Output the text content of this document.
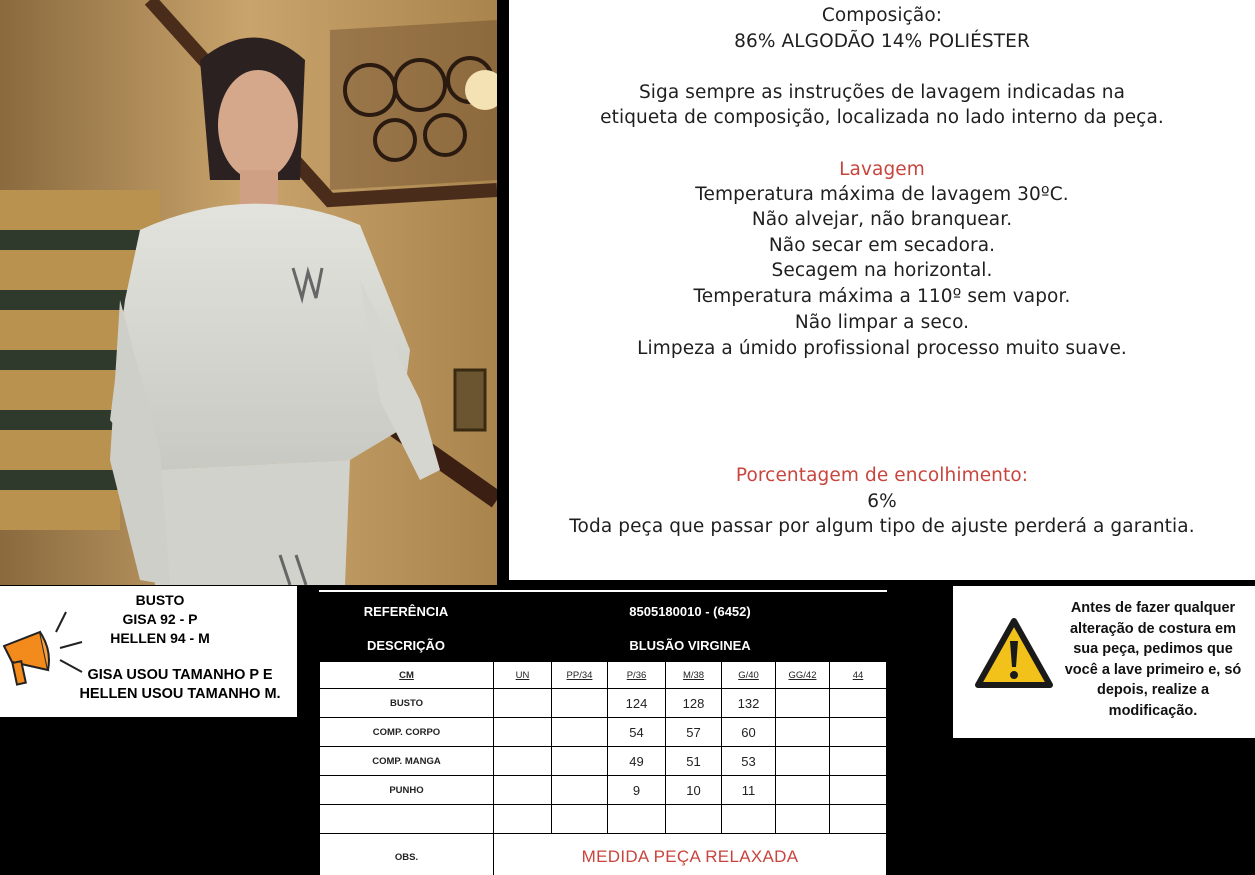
Composição:
86% ALGODÃO 14% POLIÉSTER
Siga sempre as instruções de lavagem indicadas na
etiqueta de composição, localizada no lado interno da peça.
Lavagem
Temperatura máxima de lavagem 30ºC.
Não alvejar, não branquear.
Não secar em secadora.
Secagem na horizontal.
Temperatura máxima a 110º sem vapor.
Não limpar a seco.
Limpeza a úmido profissional processo muito suave.
Porcentagem de encolhimento:
6%
Toda peça que passar por algum tipo de ajuste perderá a garantia.
BUSTO
GISA 92 - P
HELLEN 94 - M
GISA USOU TAMANHO P E
HELLEN USOU TAMANHO M.
REFERÊNCIA	8505180010 - (6452)
DESCRIÇÃO	BLUSÃO VIRGINEA
CM	UN	PP/34	P/36	M/38	G/40	GG/42	44
BUSTO			124	128	132		
COMP. CORPO			54	57	60		
COMP. MANGA			49	51	53		
PUNHO			9	10	11		

OBS.	MEDIDA PEÇA RELAXADA						
Antes de fazer qualquer
alteração de costura em
sua peça, pedimos que
você a lave primeiro e, só
depois, realize a
modificação.
